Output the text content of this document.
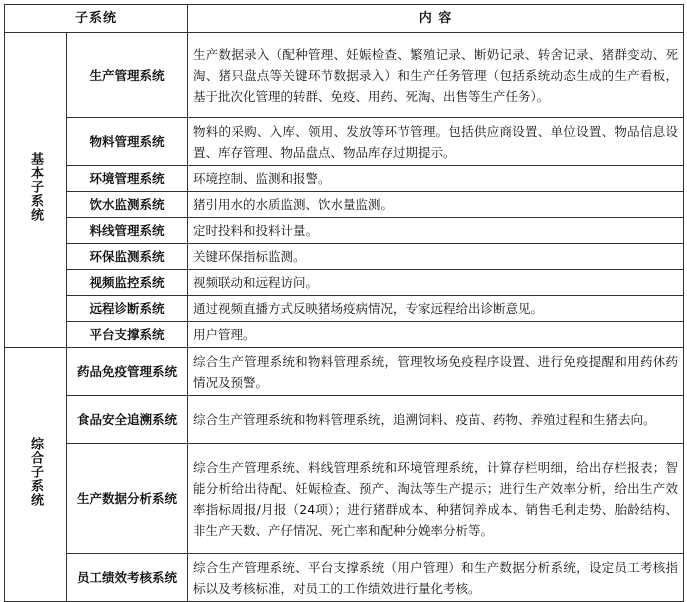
子系统		内 容
基本子系统	生产管理系统	生产数据录入（配种管理、妊娠检查、繁殖记录、断奶记录、转舍记录、猪群变动、死淘、猪只盘点等关键环节数据录入）和生产任务管理（包括系统动态生成的生产看板，基于批次化管理的转群、免疫、用药、死淘、出售等生产任务）。
	物料管理系统	物料的采购、入库、领用、发放等环节管理。包括供应商设置、单位设置、物品信息设置、库存管理、物品盘点、物品库存过期提示。
	环境管理系统	环境控制、监测和报警。
	饮水监测系统	猪引用水的水质监测、饮水量监测。
	料线管理系统	定时投料和投料计量。
	环保监测系统	关键环保指标监测。
	视频监控系统	视频联动和远程访问。
	远程诊断系统	通过视频直播方式反映猪场疫病情况，专家远程给出诊断意见。
	平台支撑系统	用户管理。
综合子系统	药品免疫管理系统	综合生产管理系统和物料管理系统，管理牧场免疫程序设置、进行免疫提醒和用药休药情况及预警。
	食品安全追溯系统	综合生产管理系统和物料管理系统，追溯饲料、疫苗、药物、养殖过程和生猪去向。
	生产数据分析系统	综合生产管理系统、料线管理系统和环境管理系统，计算存栏明细，给出存栏报表；智能分析给出待配、妊娠检查、预产、淘汰等生产提示；进行生产效率分析，给出生产效率指标周报/月报（24项）；进行猪群成本、种猪饲养成本、销售毛利走势、胎龄结构、非生产天数、产仔情况、死亡率和配种分娩率分析等。
	员工绩效考核系统	综合生产管理系统、平台支撑系统（用户管理）和生产数据分析系统，设定员工考核指标以及考核标准，对员工的工作绩效进行量化考核。
